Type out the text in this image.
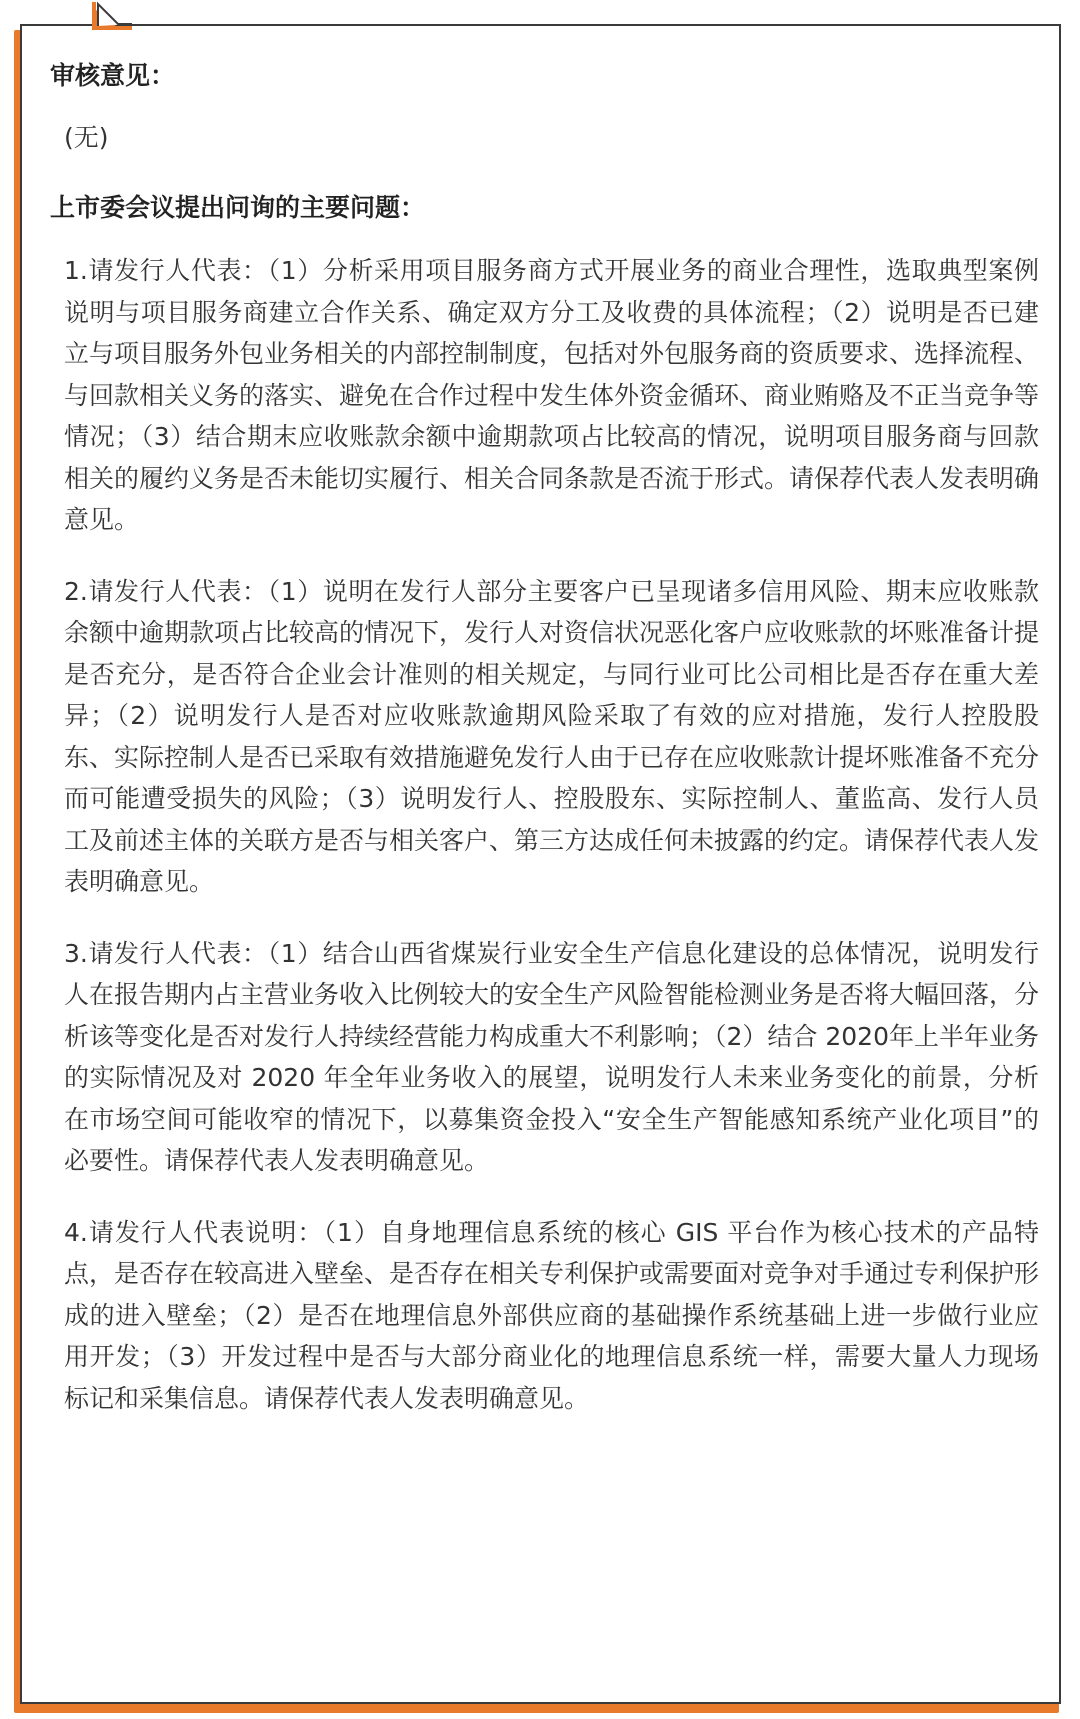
审核意见：

(无)

上市委会议提出问询的主要问题：

1.请发行人代表：（1）分析采用项目服务商方式开展业务的商业合理性，选取典型案例说明与项目服务商建立合作关系、确定双方分工及收费的具体流程；（2）说明是否已建立与项目服务外包业务相关的内部控制制度，包括对外包服务商的资质要求、选择流程、与回款相关义务的落实、避免在合作过程中发生体外资金循环、商业贿赂及不正当竞争等情况；（3）结合期末应收账款余额中逾期款项占比较高的情况，说明项目服务商与回款相关的履约义务是否未能切实履行、相关合同条款是否流于形式。请保荐代表人发表明确意见。

2.请发行人代表：（1）说明在发行人部分主要客户已呈现诸多信用风险、期末应收账款余额中逾期款项占比较高的情况下，发行人对资信状况恶化客户应收账款的坏账准备计提是否充分，是否符合企业会计准则的相关规定，与同行业可比公司相比是否存在重大差异；（2）说明发行人是否对应收账款逾期风险采取了有效的应对措施，发行人控股股东、实际控制人是否已采取有效措施避免发行人由于已存在应收账款计提坏账准备不充分而可能遭受损失的风险；（3）说明发行人、控股股东、实际控制人、董监高、发行人员工及前述主体的关联方是否与相关客户、第三方达成任何未披露的约定。请保荐代表人发表明确意见。

3.请发行人代表：（1）结合山西省煤炭行业安全生产信息化建设的总体情况，说明发行人在报告期内占主营业务收入比例较大的安全生产风险智能检测业务是否将大幅回落，分析该等变化是否对发行人持续经营能力构成重大不利影响；（2）结合 2020年上半年业务的实际情况及对 2020 年全年业务收入的展望，说明发行人未来业务变化的前景，分析在市场空间可能收窄的情况下，以募集资金投入“安全生产智能感知系统产业化项目”的必要性。请保荐代表人发表明确意见。

4.请发行人代表说明：（1）自身地理信息系统的核心 GIS 平台作为核心技术的产品特点，是否存在较高进入壁垒、是否存在相关专利保护或需要面对竞争对手通过专利保护形成的进入壁垒；（2）是否在地理信息外部供应商的基础操作系统基础上进一步做行业应用开发；（3）开发过程中是否与大部分商业化的地理信息系统一样，需要大量人力现场标记和采集信息。请保荐代表人发表明确意见。
